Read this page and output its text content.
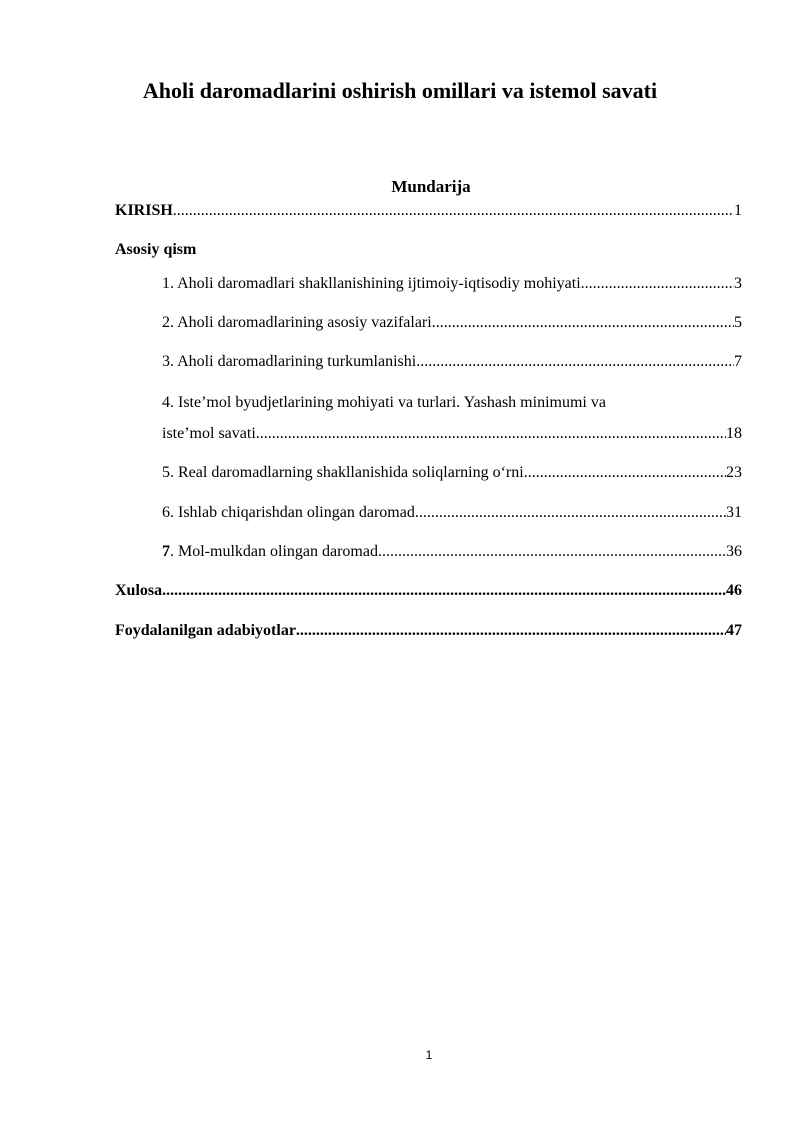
Aholi daromadlarini oshirish omillari va istemol savati
Mundarija
KIRISH .....	1
Asosiy qism
1. Aholi daromadlari shakllanishining ijtimoiy-iqtisodiy mohiyati .....	3
2. Aholi daromadlarining asosiy vazifalari .....	5
3. Aholi daromadlarining turkumlanishi .....	7
4. Iste’mol byudjetlarining mohiyati va turlari. Yashash minimumi va
iste’mol savati .....	18
5. Real daromadlarning shakllanishida soliqlarning o‘rni .....	23
6. Ishlab chiqarishdan olingan daromad .....	31
7. Mol-mulkdan olingan daromad .....	36
Xulosa .....	46
Foydalanilgan adabiyotlar .....	47
1
